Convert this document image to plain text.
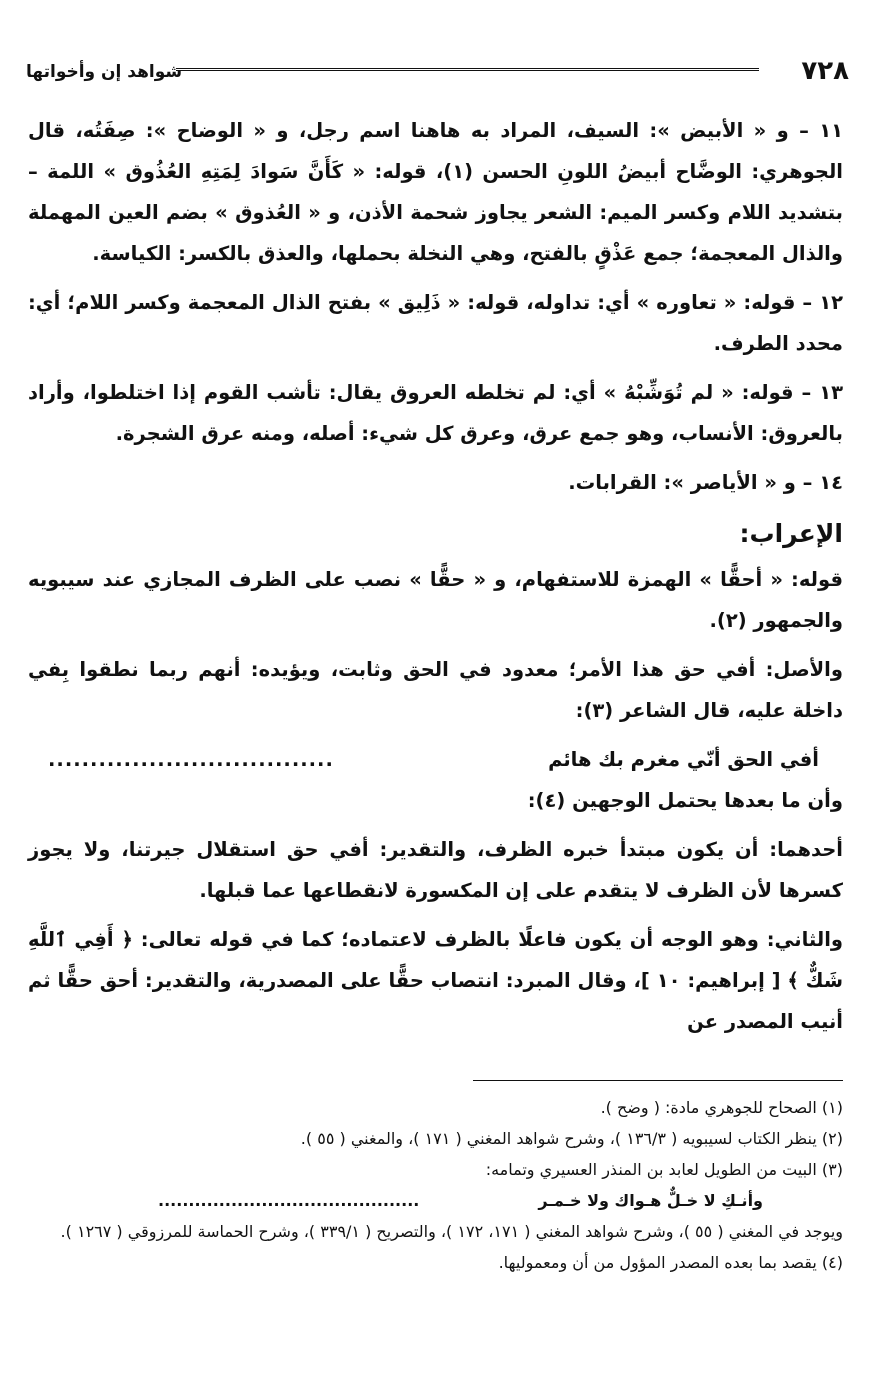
٧٢٨
شواهد إن وأخواتها

١١ – و « الأبيض »: السيف، المراد به هاهنا اسم رجل، و « الوضاح »: صِفَتُه، قال الجوهري: الوضَّاح أبيضُ اللونِ الحسن (١)، قوله: « كَأَنَّ سَوادَ لِمَتِهِ العُذُوق » اللمة – بتشديد اللام وكسر الميم: الشعر يجاوز شحمة الأذن، و « العُذوق » بضم العين المهملة والذال المعجمة؛ جمع عَذْقٍ بالفتح، وهي النخلة بحملها، والعذق بالكسر: الكياسة.

١٢ – قوله: « تعاوره » أي: تداوله، قوله: « ذَلِيق » بفتح الذال المعجمة وكسر اللام؛ أي: محدد الطرف.

١٣ – قوله: « لم تُوَشِّبْهُ » أي: لم تخلطه العروق يقال: تأشب القوم إذا اختلطوا، وأراد بالعروق: الأنساب، وهو جمع عرق، وعرق كل شيء: أصله، ومنه عرق الشجرة.

١٤ – و « الأياصر »: القرابات.

الإعراب:

قوله: « أحقًّا » الهمزة للاستفهام، و « حقًّا » نصب على الظرف المجازي عند سيبويه والجمهور (٢).

والأصل: أفي حق هذا الأمر؛ معدود في الحق وثابت، ويؤيده: أنهم ربما نطقوا بِفي داخلة عليه، قال الشاعر (٣):

أفي الحق أنّي مغرم بك هائم
..................................

وأن ما بعدها يحتمل الوجهين (٤):

أحدهما: أن يكون مبتدأ خبره الظرف، والتقدير: أفي حق استقلال جيرتنا، ولا يجوز كسرها لأن الظرف لا يتقدم على إن المكسورة لانقطاعها عما قبلها.

والثاني: وهو الوجه أن يكون فاعلًا بالظرف لاعتماده؛ كما في قوله تعالى: ﴿ أَفِي ٱللَّهِ شَكٌّ ﴾ [ إبراهيم: ١٠ ]، وقال المبرد: انتصاب حقًّا على المصدرية، والتقدير: أحق حقًّا ثم أنيب المصدر عن

(١) الصحاح للجوهري مادة: ( وضح ).

(٢) ينظر الكتاب لسيبويه ( ١٣٦/٣ )، وشرح شواهد المغني ( ١٧١ )، والمغني ( ٥٥ ).

(٣) البيت من الطويل لعابد بن المنذر العسيري وتمامه:

وأنـكِ لا خـلٌّ هـواك ولا خـمـر
...........................................

ويوجد في المغني ( ٥٥ )، وشرح شواهد المغني ( ١٧١، ١٧٢ )، والتصريح ( ٣٣٩/١ )، وشرح الحماسة للمرزوقي ( ١٢٦٧ ).

(٤) يقصد بما بعده المصدر المؤول من أن ومعموليها.
